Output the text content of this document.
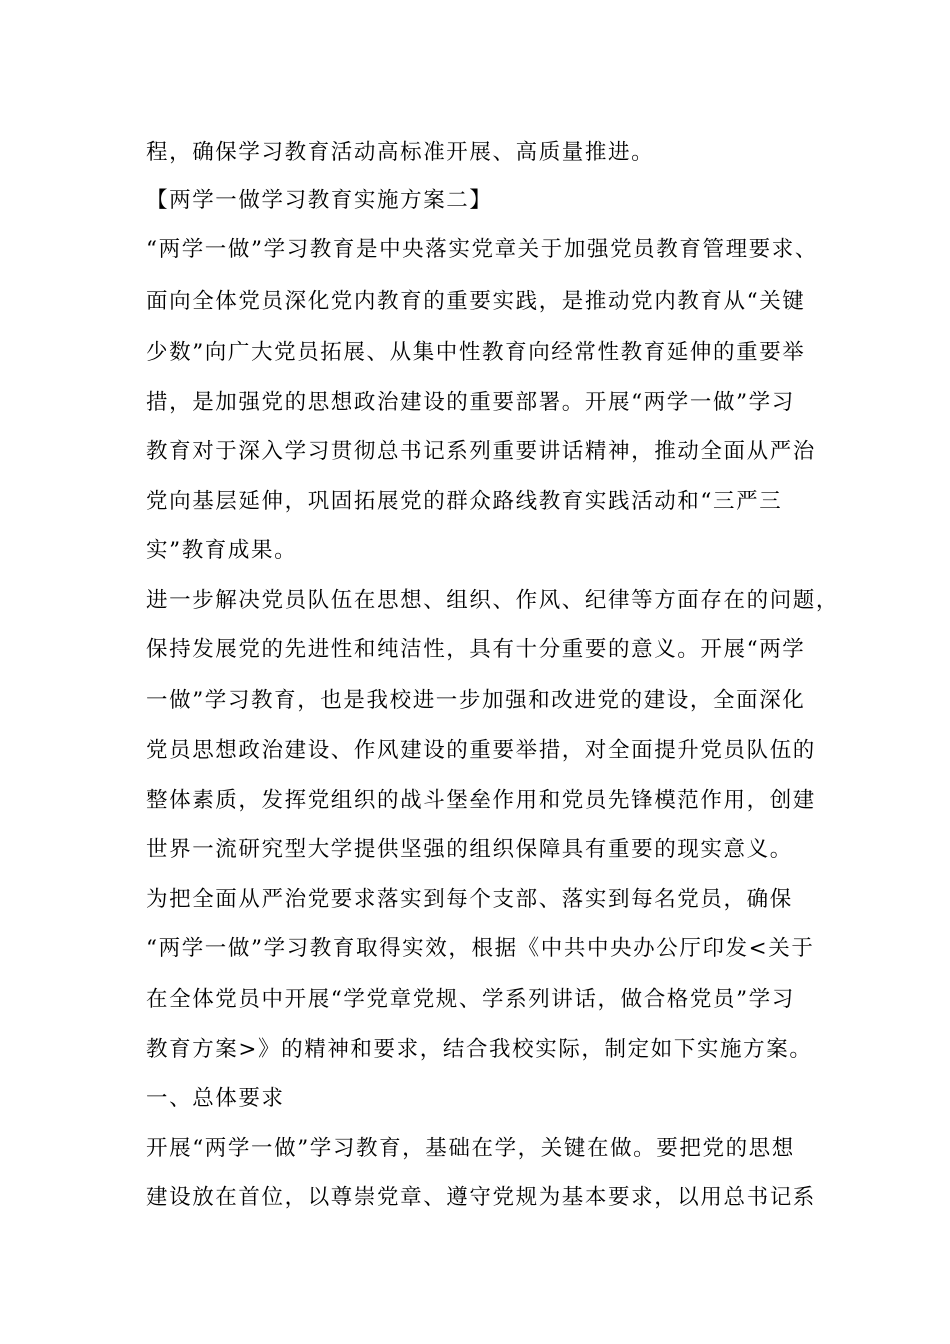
程，确保学习教育活动高标准开展、高质量推进。
【两学一做学习教育实施方案二】
“两学一做”学习教育是中央落实党章关于加强党员教育管理要求、
面向全体党员深化党内教育的重要实践，是推动党内教育从“关键
少数”向广大党员拓展、从集中性教育向经常性教育延伸的重要举
措，是加强党的思想政治建设的重要部署。开展“两学一做”学习
教育对于深入学习贯彻总书记系列重要讲话精神，推动全面从严治
党向基层延伸，巩固拓展党的群众路线教育实践活动和“三严三
实”教育成果。
进一步解决党员队伍在思想、组织、作风、纪律等方面存在的问题，
保持发展党的先进性和纯洁性，具有十分重要的意义。开展“两学
一做”学习教育，也是我校进一步加强和改进党的建设，全面深化
党员思想政治建设、作风建设的重要举措，对全面提升党员队伍的
整体素质，发挥党组织的战斗堡垒作用和党员先锋模范作用，创建
世界一流研究型大学提供坚强的组织保障具有重要的现实意义。
为把全面从严治党要求落实到每个支部、落实到每名党员，确保
“两学一做”学习教育取得实效，根据《中共中央办公厅印发<关于
在全体党员中开展“学党章党规、学系列讲话，做合格党员”学习
教育方案>》的精神和要求，结合我校实际，制定如下实施方案。
一、总体要求
开展“两学一做”学习教育，基础在学，关键在做。要把党的思想
建设放在首位，以尊崇党章、遵守党规为基本要求，以用总书记系
